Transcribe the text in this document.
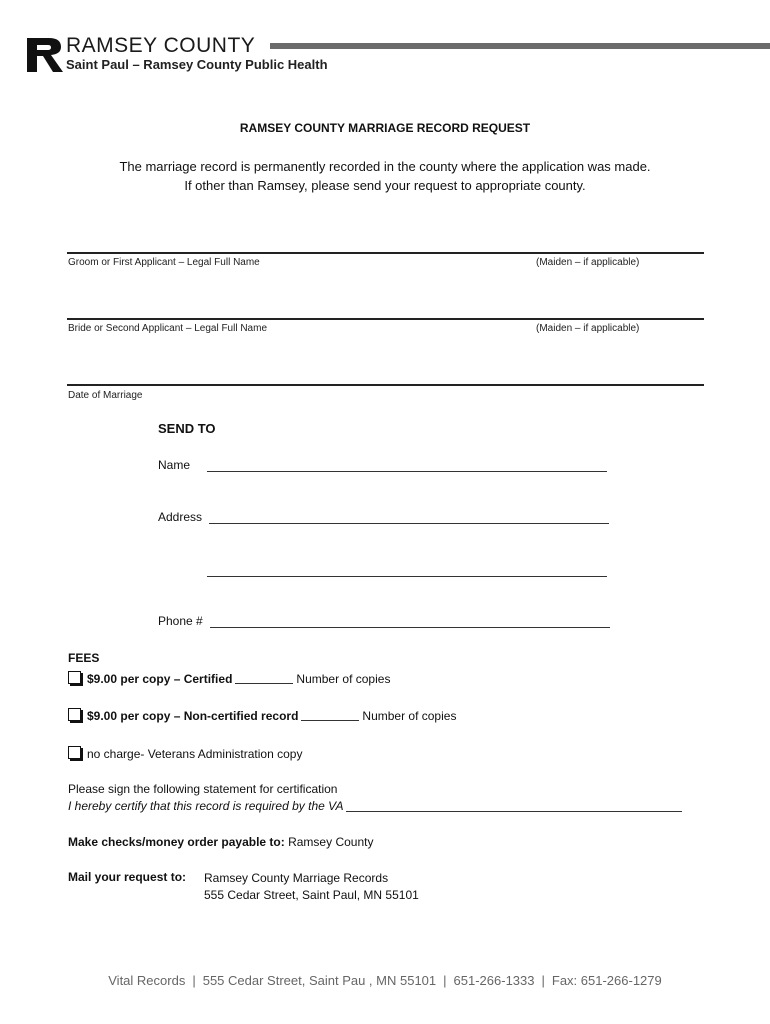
RAMSEY COUNTY
Saint Paul – Ramsey County Public Health
RAMSEY COUNTY MARRIAGE RECORD REQUEST
The marriage record is permanently recorded in the county where the application was made.
If other than Ramsey, please send your request to appropriate county.
Groom or First Applicant – Legal Full Name	(Maiden – if applicable)
Bride or Second Applicant – Legal Full Name	(Maiden – if applicable)
Date of Marriage
SEND TO
Name
Address
Phone #
FEES
$9.00 per copy – Certified	Number of copies
$9.00 per copy – Non-certified record	Number of copies
no charge- Veterans Administration copy
Please sign the following statement for certification
I hereby certify that this record is required by the VA
Make checks/money order payable to: Ramsey County
Mail your request to: Ramsey County Marriage Records
555 Cedar Street, Saint Paul, MN 55101
Vital Records | 555 Cedar Street, Saint Pau , MN 55101 | 651-266-1333 | Fax: 651-266-1279
